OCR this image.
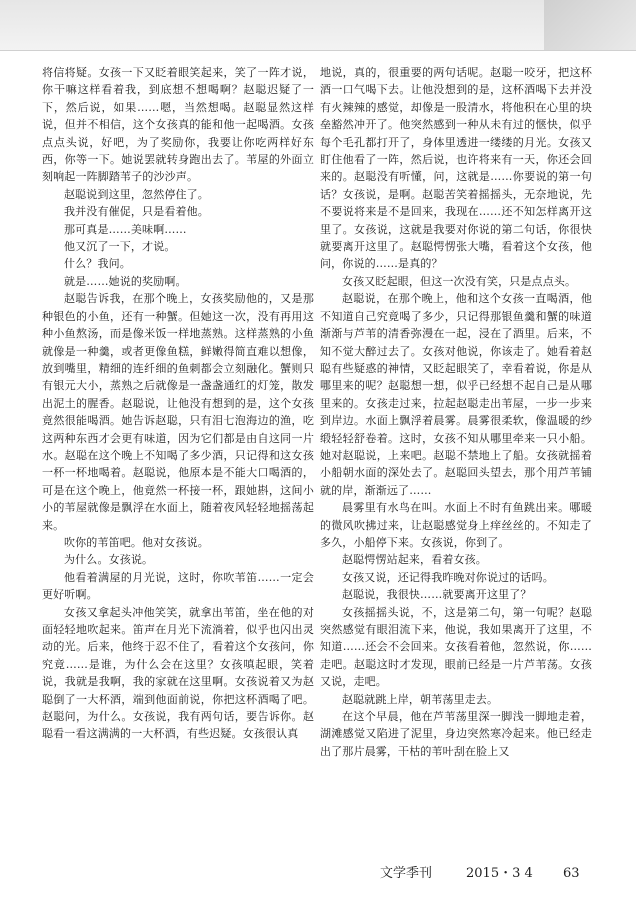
将信将疑。女孩一下又眨着眼笑起来，笑了一阵才说，你干嘛这样看着我，到底想不想喝啊？赵聪迟疑了一下，然后说，如果……嗯，当然想喝。赵聪显然这样说，但并不相信，这个女孩真的能和他一起喝酒。女孩点点头说，好吧，为了奖励你，我要让你吃两样好东西，你等一下。她说罢就转身跑出去了。苇屋的外面立刻响起一阵脚踏苇子的沙沙声。

赵聪说到这里，忽然停住了。

我并没有催促，只是看着他。

那可真是……美味啊……

他又沉了一下，才说。

什么？我问。

就是……她说的奖励啊。

赵聪告诉我，在那个晚上，女孩奖励他的，又是那种银色的小鱼，还有一种蟹。但她这一次，没有再用这种小鱼熬汤，而是像米饭一样地蒸熟。这样蒸熟的小鱼就像是一种羹，或者更像鱼糕，鲜嫩得简直难以想像，放到嘴里，精细的连纤细的鱼刺都会立刻融化。蟹则只有银元大小，蒸熟之后就像是一盏盏通红的灯笼，散发出泥土的腥香。赵聪说，让他没有想到的是，这个女孩竟然很能喝酒。她告诉赵聪，只有泪七泡海边的渔，吃这两种东西才会更有味道，因为它们都是由自这同一片水。赵聪在这个晚上不知喝了多少酒，只记得和这女孩一杯一杯地喝着。赵聪说，他原本是不能大口喝酒的，可是在这个晚上，他竟然一杯接一杯，跟她斟，这间小小的苇屋就像是飘浮在水面上，随着夜风轻轻地摇荡起来。

吹你的苇笛吧。他对女孩说。

为什么。女孩说。

他看着满屋的月光说，这时，你吹苇笛……一定会更好听啊。

女孩又拿起头冲他笑笑，就拿出苇笛，坐在他的对面轻轻地吹起来。笛声在月光下流淌着，似乎也闪出灵动的光。后来，他终于忍不住了，看着这个女孩问，你究竟……是谁，为什么会在这里？女孩嗔起眼，笑着说，我就是我啊，我的家就在这里啊。女孩说着又为赵聪倒了一大杯酒，端到他面前说，你把这杯酒喝了吧。赵聪问，为什么。女孩说，我有两句话，要告诉你。赵聪看一看这满满的一大杯酒，有些迟疑。女孩很认真

地说，真的，很重要的两句话呢。赵聪一咬牙，把这杯酒一口气喝下去。让他没想到的是，这杯酒喝下去并没有火辣辣的感觉，却像是一股清水，将他积在心里的块垒豁然冲开了。他突然感到一种从未有过的惬快，似乎每个毛孔都打开了，身体里透进一缕缕的月光。女孩又盯住他看了一阵，然后说，也许将来有一天，你还会回来的。赵聪没有听懂，问，这就是……你要说的第一句话？女孩说，是啊。赵聪苦笑着摇摇头，无奈地说，先不要说将来是不是回来，我现在……还不知怎样离开这里了。女孩说，这就是我要对你说的第二句话，你很快就要离开这里了。赵聪愕愣张大嘴，看着这个女孩，他问，你说的……是真的？

女孩又眨起眼，但这一次没有笑，只是点点头。

赵聪说，在那个晚上，他和这个女孩一直喝酒，他不知道自己究竟喝了多少，只记得那银鱼羹和蟹的味道渐渐与芦苇的清香弥漫在一起，浸在了酒里。后来，不知不觉大醉过去了。女孩对他说，你该走了。她看着赵聪有些疑惑的神情，又眨起眼笑了，幸看着说，你是从哪里来的呢？赵聪想一想，似乎已经想不起自己是从哪里来的。女孩走过来，拉起赵聪走出苇屋，一步一步来到岸边。水面上飘浮着晨雾。晨雾很柔软，像温暖的纱缎轻轻舒卷着。这时，女孩不知从哪里牵来一只小船。她对赵聪说，上来吧。赵聪不禁地上了船。女孩就摇着小船朝水面的深处去了。赵聪回头望去，那个用芦苇铺就的岸，渐渐远了……

晨雾里有水鸟在叫。水面上不时有鱼跳出来。哪暖的微风吹拂过来，让赵聪感觉身上痒丝丝的。不知走了多久，小船停下来。女孩说，你到了。

赵聪愕愣站起来，看着女孩。

女孩又说，还记得我昨晚对你说过的话吗。

赵聪说，我很快……就要离开这里了？

女孩摇摇头说，不，这是第二句，第一句呢？赵聪突然感觉有眼泪流下来，他说，我如果离开了这里，不知道……还会不会回来。女孩看着他，忽然说，你……走吧。赵聪这时才发现，眼前已经是一片芦苇荡。女孩又说，走吧。

赵聪就跳上岸，朝苇荡里走去。

在这个早晨，他在芦苇荡里深一脚浅一脚地走着，湖滩感觉又陷进了泥里，身边突然寒冷起来。他已经走出了那片晨雾，干枯的苇叶刮在脸上又

文学季刊	2015・3 4 63
